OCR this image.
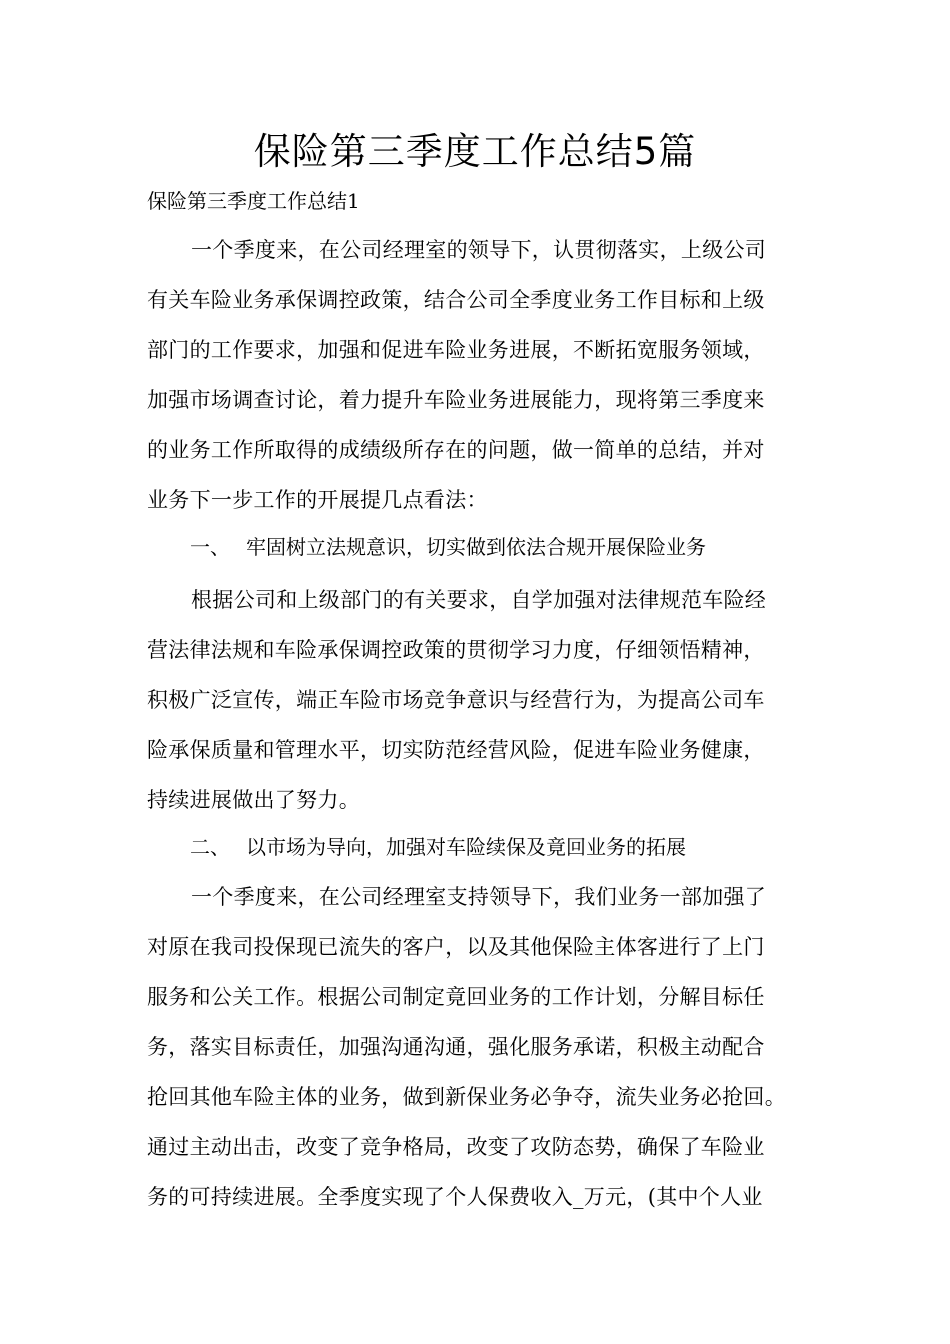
保险第三季度工作总结5篇

保险第三季度工作总结1

一个季度来，在公司经理室的领导下，认贯彻落实，上级公司
有关车险业务承保调控政策，结合公司全季度业务工作目标和上级
部门的工作要求，加强和促进车险业务进展，不断拓宽服务领域，
加强市场调查讨论，着力提升车险业务进展能力，现将第三季度来
的业务工作所取得的成绩级所存在的问题，做一简单的总结，并对
业务下一步工作的开展提几点看法：

一、 牢固树立法规意识，切实做到依法合规开展保险业务

根据公司和上级部门的有关要求，自学加强对法律规范车险经
营法律法规和车险承保调控政策的贯彻学习力度，仔细领悟精神，
积极广泛宣传，端正车险市场竞争意识与经营行为，为提高公司车
险承保质量和管理水平，切实防范经营风险，促进车险业务健康，
持续进展做出了努力。

二、 以市场为导向，加强对车险续保及竟回业务的拓展

一个季度来，在公司经理室支持领导下，我们业务一部加强了
对原在我司投保现已流失的客户，以及其他保险主体客进行了上门
服务和公关工作。根据公司制定竟回业务的工作计划，分解目标任
务，落实目标责任，加强沟通沟通，强化服务承诺，积极主动配合
抢回其他车险主体的业务，做到新保业务必争夺，流失业务必抢回。
通过主动出击，改变了竞争格局，改变了攻防态势，确保了车险业
务的可持续进展。全季度实现了个人保费收入_万元，(其中个人业
